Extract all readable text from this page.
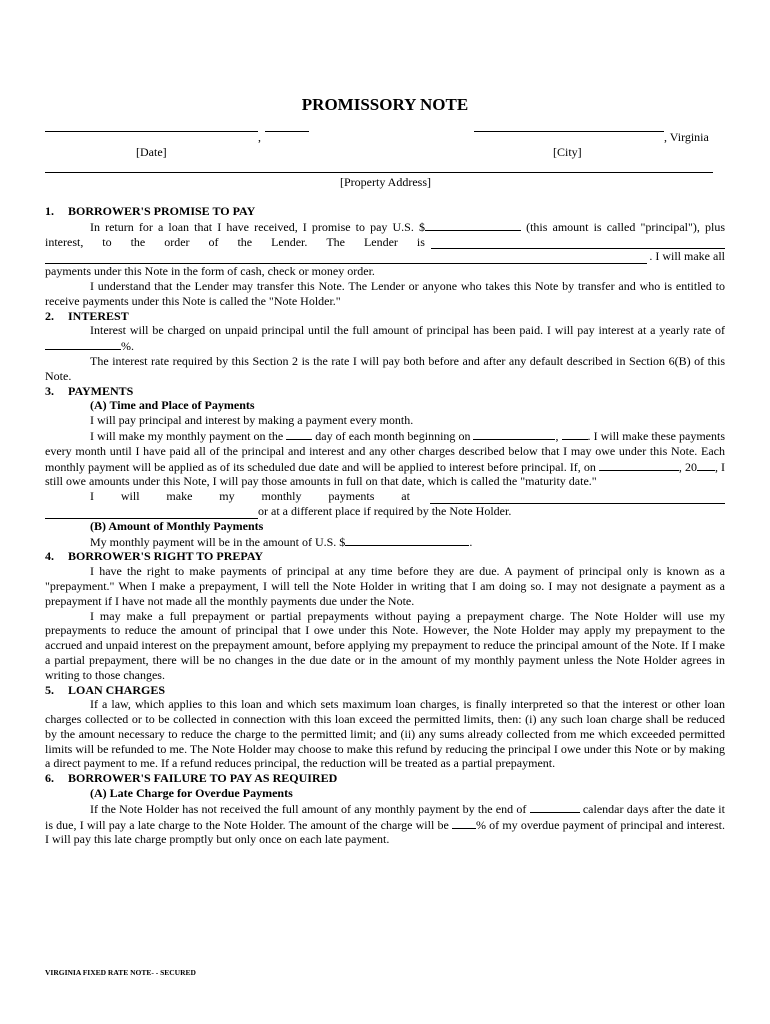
PROMISSORY NOTE
,	, Virginia
[Date]	[City]
[Property Address]

1. BORROWER'S PROMISE TO PAY

In return for a loan that I have received, I promise to pay U.S. $	(this amount is called "principal"), plus

interest, to the order of the Lender. The Lender is
. I will make all

payments under this Note in the form of cash, check or money order.

I understand that the Lender may transfer this Note. The Lender or anyone who takes this Note by transfer and who is entitled to receive payments under this Note is called the "Note Holder."

2. INTEREST

Interest will be charged on unpaid principal until the full amount of principal has been paid. I will pay interest at a yearly rate of %.

The interest rate required by this Section 2 is the rate I will pay both before and after any default described in Section 6(B) of this Note.

3. PAYMENTS

(A) Time and Place of Payments

I will pay principal and interest by making a payment every month.

I will make my monthly payment on the  day of each month beginning on	, . I will make these payments every month until I have paid all of the principal and interest and any other charges described below that I may owe under this Note. Each monthly payment will be applied as of its scheduled due date and will be applied to interest before principal. If, on	, 20 , I still owe amounts under this Note, I will pay those amounts in full on that date, which is called the "maturity date."

I will make my monthly payments at
or at a different place if required by the Note Holder.

(B) Amount of Monthly Payments

My monthly payment will be in the amount of U.S. $	.

4. BORROWER'S RIGHT TO PREPAY

I have the right to make payments of principal at any time before they are due. A payment of principal only is known as a "prepayment." When I make a prepayment, I will tell the Note Holder in writing that I am doing so. I may not designate a payment as a prepayment if I have not made all the monthly payments due under the Note.

I may make a full prepayment or partial prepayments without paying a prepayment charge. The Note Holder will use my prepayments to reduce the amount of principal that I owe under this Note. However, the Note Holder may apply my prepayment to the accrued and unpaid interest on the prepayment amount, before applying my prepayment to reduce the principal amount of the Note. If I make a partial prepayment, there will be no changes in the due date or in the amount of my monthly payment unless the Note Holder agrees in writing to those changes.

5. LOAN CHARGES

If a law, which applies to this loan and which sets maximum loan charges, is finally interpreted so that the interest or other loan charges collected or to be collected in connection with this loan exceed the permitted limits, then: (i) any such loan charge shall be reduced by the amount necessary to reduce the charge to the permitted limit; and (ii) any sums already collected from me which exceeded permitted limits will be refunded to me. The Note Holder may choose to make this refund by reducing the principal I owe under this Note or by making a direct payment to me. If a refund reduces principal, the reduction will be treated as a partial prepayment.

6. BORROWER'S FAILURE TO PAY AS REQUIRED

(A) Late Charge for Overdue Payments

If the Note Holder has not received the full amount of any monthly payment by the end of	calendar days after the date it is due, I will pay a late charge to the Note Holder. The amount of the charge will be % of my overdue payment of principal and interest. I will pay this late charge promptly but only once on each late payment.

VIRGINIA FIXED RATE NOTE- - SECURED
